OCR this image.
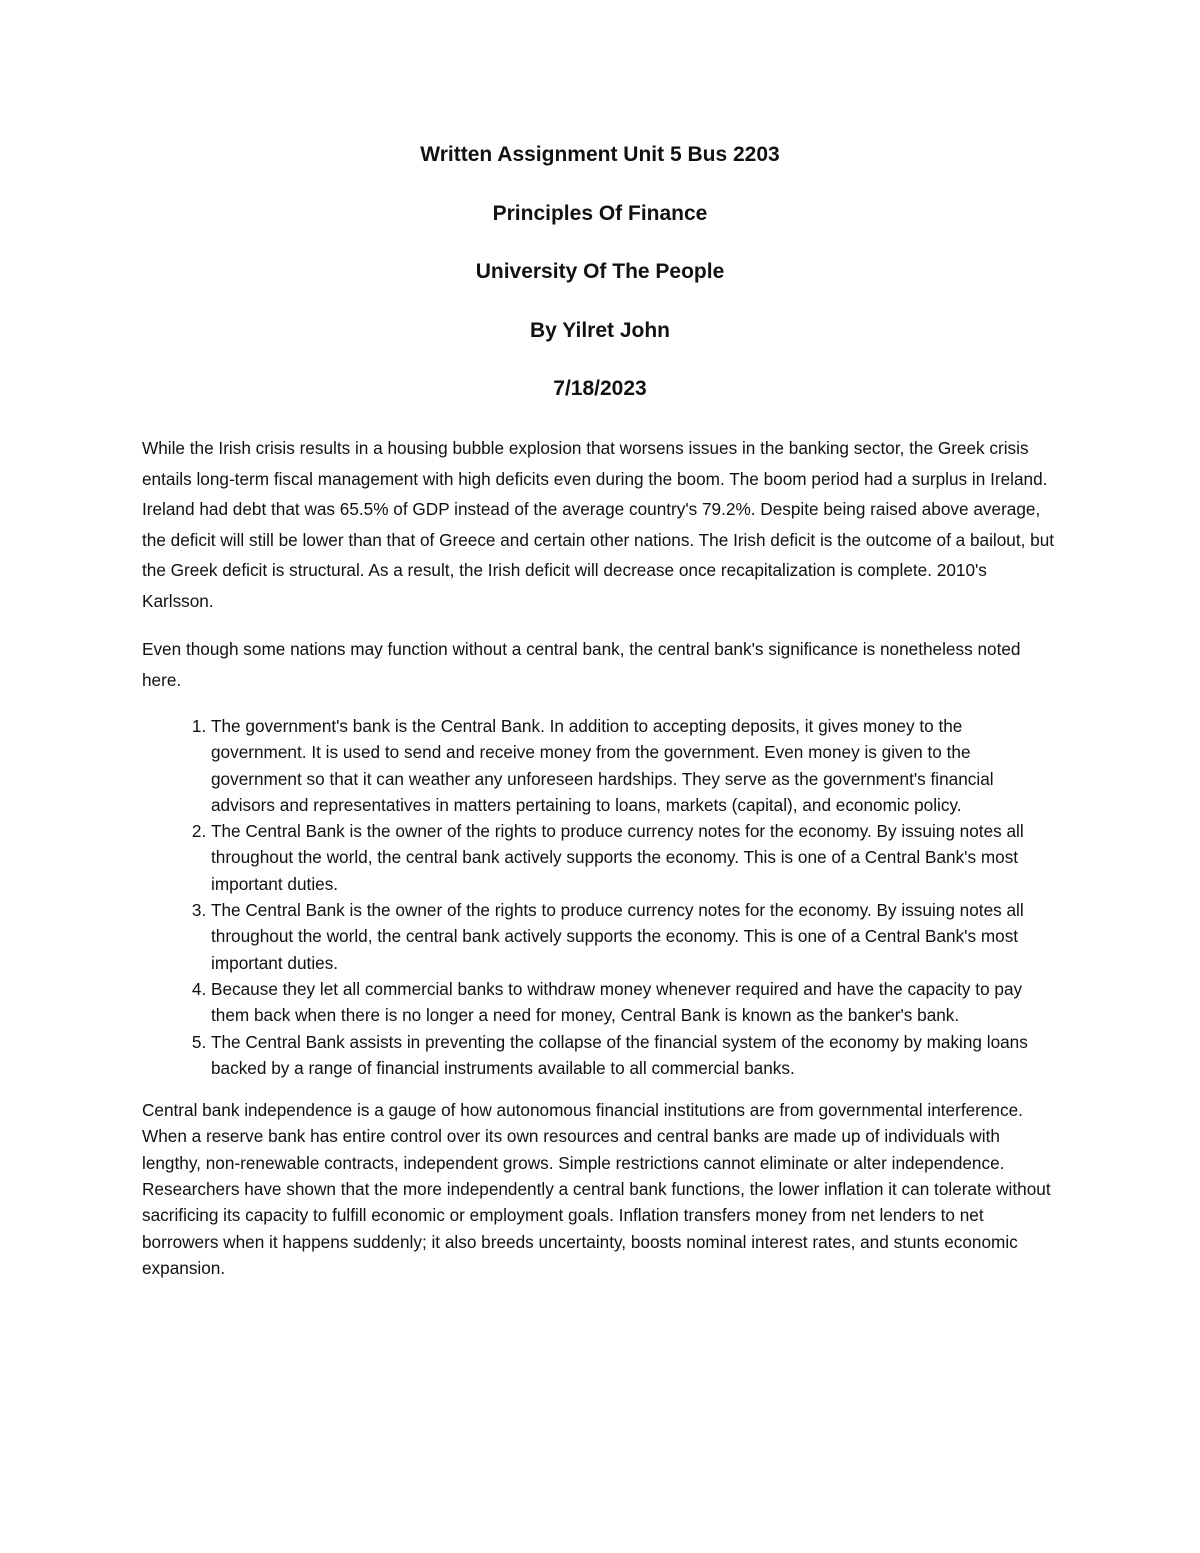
Written Assignment Unit 5 Bus 2203
Principles Of Finance
University Of The People
By Yilret John
7/18/2023

While the Irish crisis results in a housing bubble explosion that worsens issues in the banking sector, the Greek crisis entails long-term fiscal management with high deficits even during the boom. The boom period had a surplus in Ireland. Ireland had debt that was 65.5% of GDP instead of the average country's 79.2%. Despite being raised above average, the deficit will still be lower than that of Greece and certain other nations. The Irish deficit is the outcome of a bailout, but the Greek deficit is structural. As a result, the Irish deficit will decrease once recapitalization is complete. 2010's Karlsson.

Even though some nations may function without a central bank, the central bank's significance is nonetheless noted here.

1. The government's bank is the Central Bank. In addition to accepting deposits, it gives money to the government. It is used to send and receive money from the government. Even money is given to the government so that it can weather any unforeseen hardships. They serve as the government's financial advisors and representatives in matters pertaining to loans, markets (capital), and economic policy.
2. The Central Bank is the owner of the rights to produce currency notes for the economy. By issuing notes all throughout the world, the central bank actively supports the economy. This is one of a Central Bank's most important duties.
3. The Central Bank is the owner of the rights to produce currency notes for the economy. By issuing notes all throughout the world, the central bank actively supports the economy. This is one of a Central Bank's most important duties.
4. Because they let all commercial banks to withdraw money whenever required and have the capacity to pay them back when there is no longer a need for money, Central Bank is known as the banker's bank.
5. The Central Bank assists in preventing the collapse of the financial system of the economy by making loans backed by a range of financial instruments available to all commercial banks.

Central bank independence is a gauge of how autonomous financial institutions are from governmental interference. When a reserve bank has entire control over its own resources and central banks are made up of individuals with lengthy, non-renewable contracts, independent grows. Simple restrictions cannot eliminate or alter independence. Researchers have shown that the more independently a central bank functions, the lower inflation it can tolerate without sacrificing its capacity to fulfill economic or employment goals. Inflation transfers money from net lenders to net borrowers when it happens suddenly; it also breeds uncertainty, boosts nominal interest rates, and stunts economic expansion.
